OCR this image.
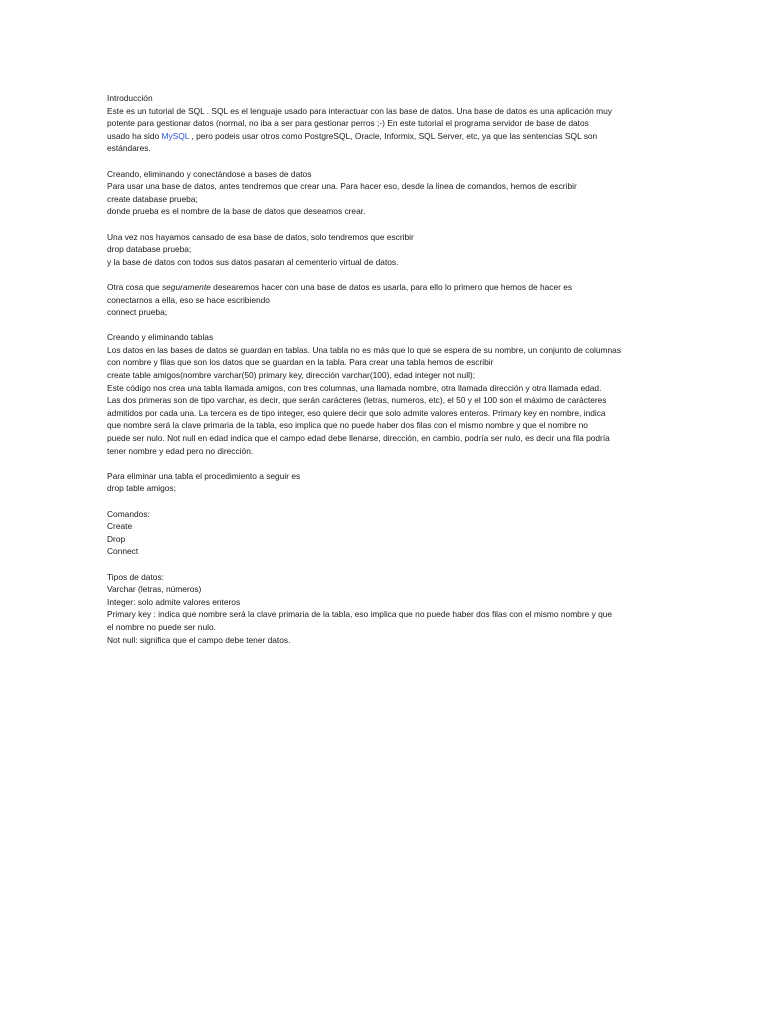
Introducción
Este es un tutorial de SQL . SQL es el lenguaje usado para interactuar con las base de datos. Una base de datos es una aplicación muy
potente para gestionar datos (normal, no iba a ser para gestionar perros ;-) En este tutorial el programa servidor de base de datos
usado ha sido MySQL , pero podeis usar otros como PostgreSQL, Oracle, Informix, SQL Server, etc, ya que las sentencias SQL son
estándares.
Creando, eliminando y conectándose a bases de datos
Para usar una base de datos, antes tendremos que crear una. Para hacer eso, desde la linea de comandos, hemos de escribir
create database prueba;
donde prueba es el nombre de la base de datos que deseamos crear.
Una vez nos hayamos cansado de esa base de datos, solo tendremos que escribir
drop database prueba;
y la base de datos con todos sus datos pasaran al cementerio virtual de datos.
Otra cosa que seguramente desearemos hacer con una base de datos es usarla, para ello lo primero que hemos de hacer es
conectarnos a ella, eso se hace escribiendo
connect prueba;
Creando y eliminando tablas
Los datos en las bases de datos se guardan en tablas. Una tabla no es más que lo que se espera de su nombre, un conjunto de columnas
con nombre y filas que son los datos que se guardan en la tabla. Para crear una tabla hemos de escribir
create table amigos(nombre varchar(50) primary key, dirección varchar(100), edad integer not null);
Este código nos crea una tabla llamada amigos, con tres columnas, una llamada nombre, otra llamada dirección y otra llamada edad.
Las dos primeras son de tipo varchar, es decir, que serán carácteres (letras, numeros, etc), el 50 y el 100 son el máximo de carácteres
admitidos por cada una. La tercera es de tipo integer, eso quiere decir que solo admite valores enteros. Primary key en nombre, indica
que nombre será la clave primaria de la tabla, eso implica que no puede haber dos filas con el mismo nombre y que el nombre no
puede ser nulo. Not null en edad indica que el campo edad debe llenarse, dirección, en cambio, podría ser nulo, es decir una fila podría
tener nombre y edad pero no dirección.
Para eliminar una tabla el procedimiento a seguir es
drop table amigos;
Comandos:
Create
Drop
Connect
Tipos de datos:
Varchar (letras, números)
Integer: solo admite valores enteros
Primary key : indica que nombre será la clave primaria de la tabla, eso implica que no puede haber dos filas con el mismo nombre y que
el nombre no puede ser nulo.
Not null: significa que el campo debe tener datos.
